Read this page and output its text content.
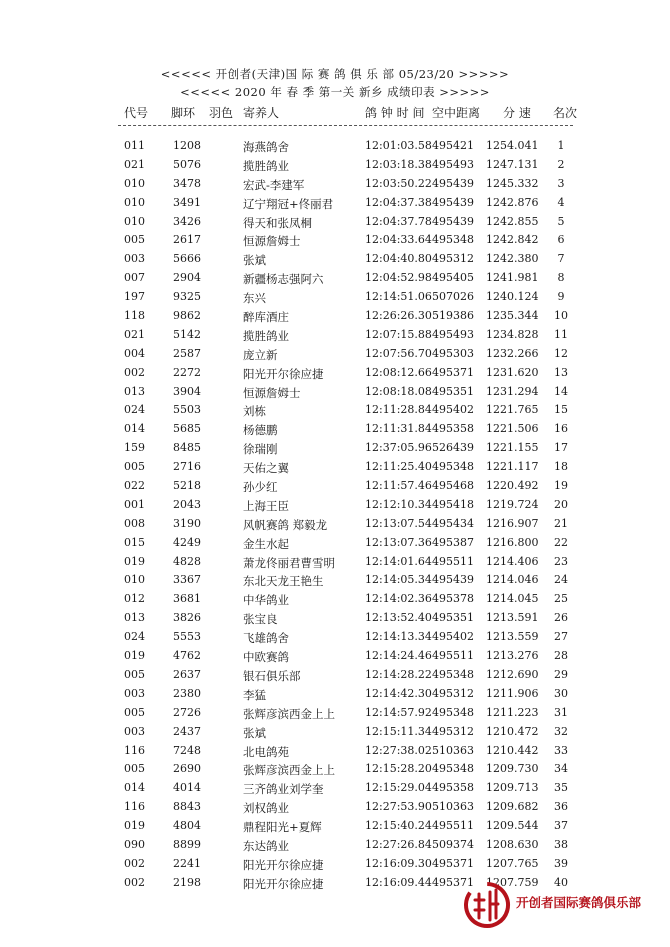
<<<<< 开创者(天津)国 际 赛 鸽 俱 乐 部 05/23/20 >>>>>
<<<<< 2020 年 春 季 第一关 新乡 成绩印表 >>>>>
代号 脚环 羽色 寄养人	鸽 钟 时 间 空中距离 分 速 名次
011	1208	海燕鸽舍	12:01:03.58 495421 1254.041	1
021	5076	揽胜鸽业	12:03:18.38 495493 1247.131	2
010	3478	宏武-李建军	12:03:50.22 495439 1245.332	3
010	3491	辽宁翔冠+佟丽君	12:04:37.38 495439 1242.876	4
010	3426	得天和张凤桐	12:04:37.78 495439 1242.855	5
005	2617	恒源詹姆士	12:04:33.64 495348 1242.842	6
003	5666	张斌	12:04:40.80 495312 1242.380	7
007	2904	新疆杨志强阿六	12:04:52.98 495405 1241.981	8
197	9325	东兴	12:14:51.06 507026 1240.124	9
118	9862	醉库酒庄	12:26:26.30 519386 1235.344 10
021	5142	揽胜鸽业	12:07:15.88 495493 1234.828 11
004	2587	庞立新	12:07:56.70 495303 1232.266 12
002	2272	阳光开尔徐应捷	12:08:12.66 495371 1231.620 13
013	3904	恒源詹姆士	12:08:18.08 495351 1231.294 14
024	5503	刘栋	12:11:28.84 495402 1221.765 15
014	5685	杨德鹏	12:11:31.84 495358 1221.506 16
159	8485	徐瑞刚	12:37:05.96 526439 1221.155 17
005	2716	天佑之翼	12:11:25.40 495348 1221.117 18
022	5218	孙少红	12:11:57.46 495468 1220.492 19
001	2043	上海王臣	12:12:10.34 495418 1219.724 20
008	3190	风帆赛鸽 郑毅龙	12:13:07.54 495434 1216.907 21
015	4249	金生水起	12:13:07.36 495387 1216.800 22
019	4828	萧龙佟丽君曹雪明	12:14:01.64 495511 1214.406 23
010	3367	东北天龙王艳生	12:14:05.34 495439 1214.046 24
012	3681	中华鸽业	12:14:02.36 495378 1214.045 25
013	3826	张宝良	12:13:52.40 495351 1213.591 26
024	5553	飞雄鸽舍	12:14:13.34 495402 1213.559 27
019	4762	中欧赛鸽	12:14:24.46 495511 1213.276 28
005	2637	银石俱乐部	12:14:28.22 495348 1212.690 29
003	2380	李猛	12:14:42.30 495312 1211.906 30
005	2726	张辉彦滨西金上上	12:14:57.92 495348 1211.223 31
003	2437	张斌	12:15:11.34 495312 1210.472 32
116	7248	北电鸽苑	12:27:38.02 510363 1210.442 33
005	2690	张辉彦滨西金上上	12:15:28.20 495348 1209.730 34
014	4014	三齐鸽业刘学奎	12:15:29.04 495358 1209.713 35
116	8843	刘权鸽业	12:27:53.90 510363 1209.682 36
019	4804	鼎程阳光+夏辉	12:15:40.24 495511 1209.544 37
090	8899	东达鸽业	12:27:26.84 509374 1208.630 38
002	2241	阳光开尔徐应捷	12:16:09.30 495371 1207.765 39
002	2198	阳光开尔徐应捷	12:16:09.44 495371 1207.759 40
开创者国际赛鸽俱乐部
